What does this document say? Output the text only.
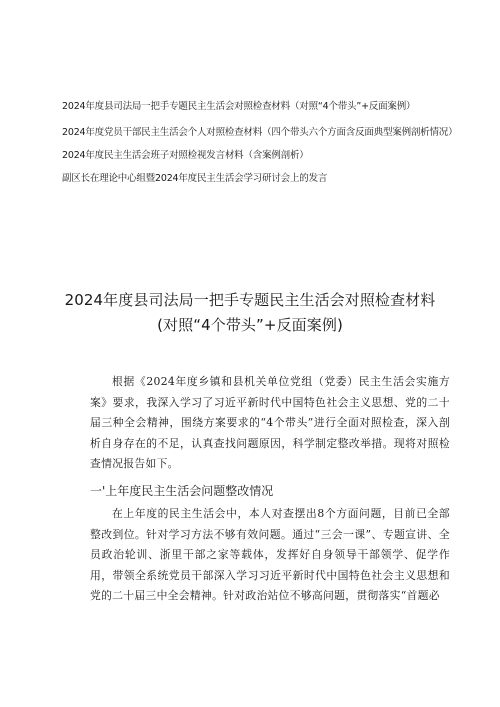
2024年度县司法局一把手专题民主生活会对照检查材料（对照“4个带头”+反面案例）
2024年度党员干部民主生活会个人对照检查材料（四个带头六个方面含反面典型案例剖析情况）
2024年度民主生活会班子对照检视发言材料（含案例剖析）
副区长在理论中心组暨2024年度民主生活会学习研讨会上的发言
2024年度县司法局一把手专题民主生活会对照检查材料
(对照“4个带头”+反面案例)
根据《2024年度乡镇和县机关单位党组（党委）民主生活会实施方案》要求，我深入学习了习近平新时代中国特色社会主义思想、党的二十届三种全会精神，围绕方案要求的“4个带头”进行全面对照检查，深入剖析自身存在的不足，认真查找问题原因，科学制定整改举措。现将对照检查情况报告如下。
一'上年度民主生活会问题整改情况
在上年度的民主生活会中，本人对查摆出8个方面问题，目前已全部整改到位。针对学习方法不够有效问题。通过“三会一课”、专题宣讲、全员政治轮训、浙里干部之家等载体，发挥好自身领导干部领学、促学作用，带领全系统党员干部深入学习习近平新时代中国特色社会主义思想和党的二十届三中全会精神。针对政治站位不够高问题，贯彻落实“首题必
